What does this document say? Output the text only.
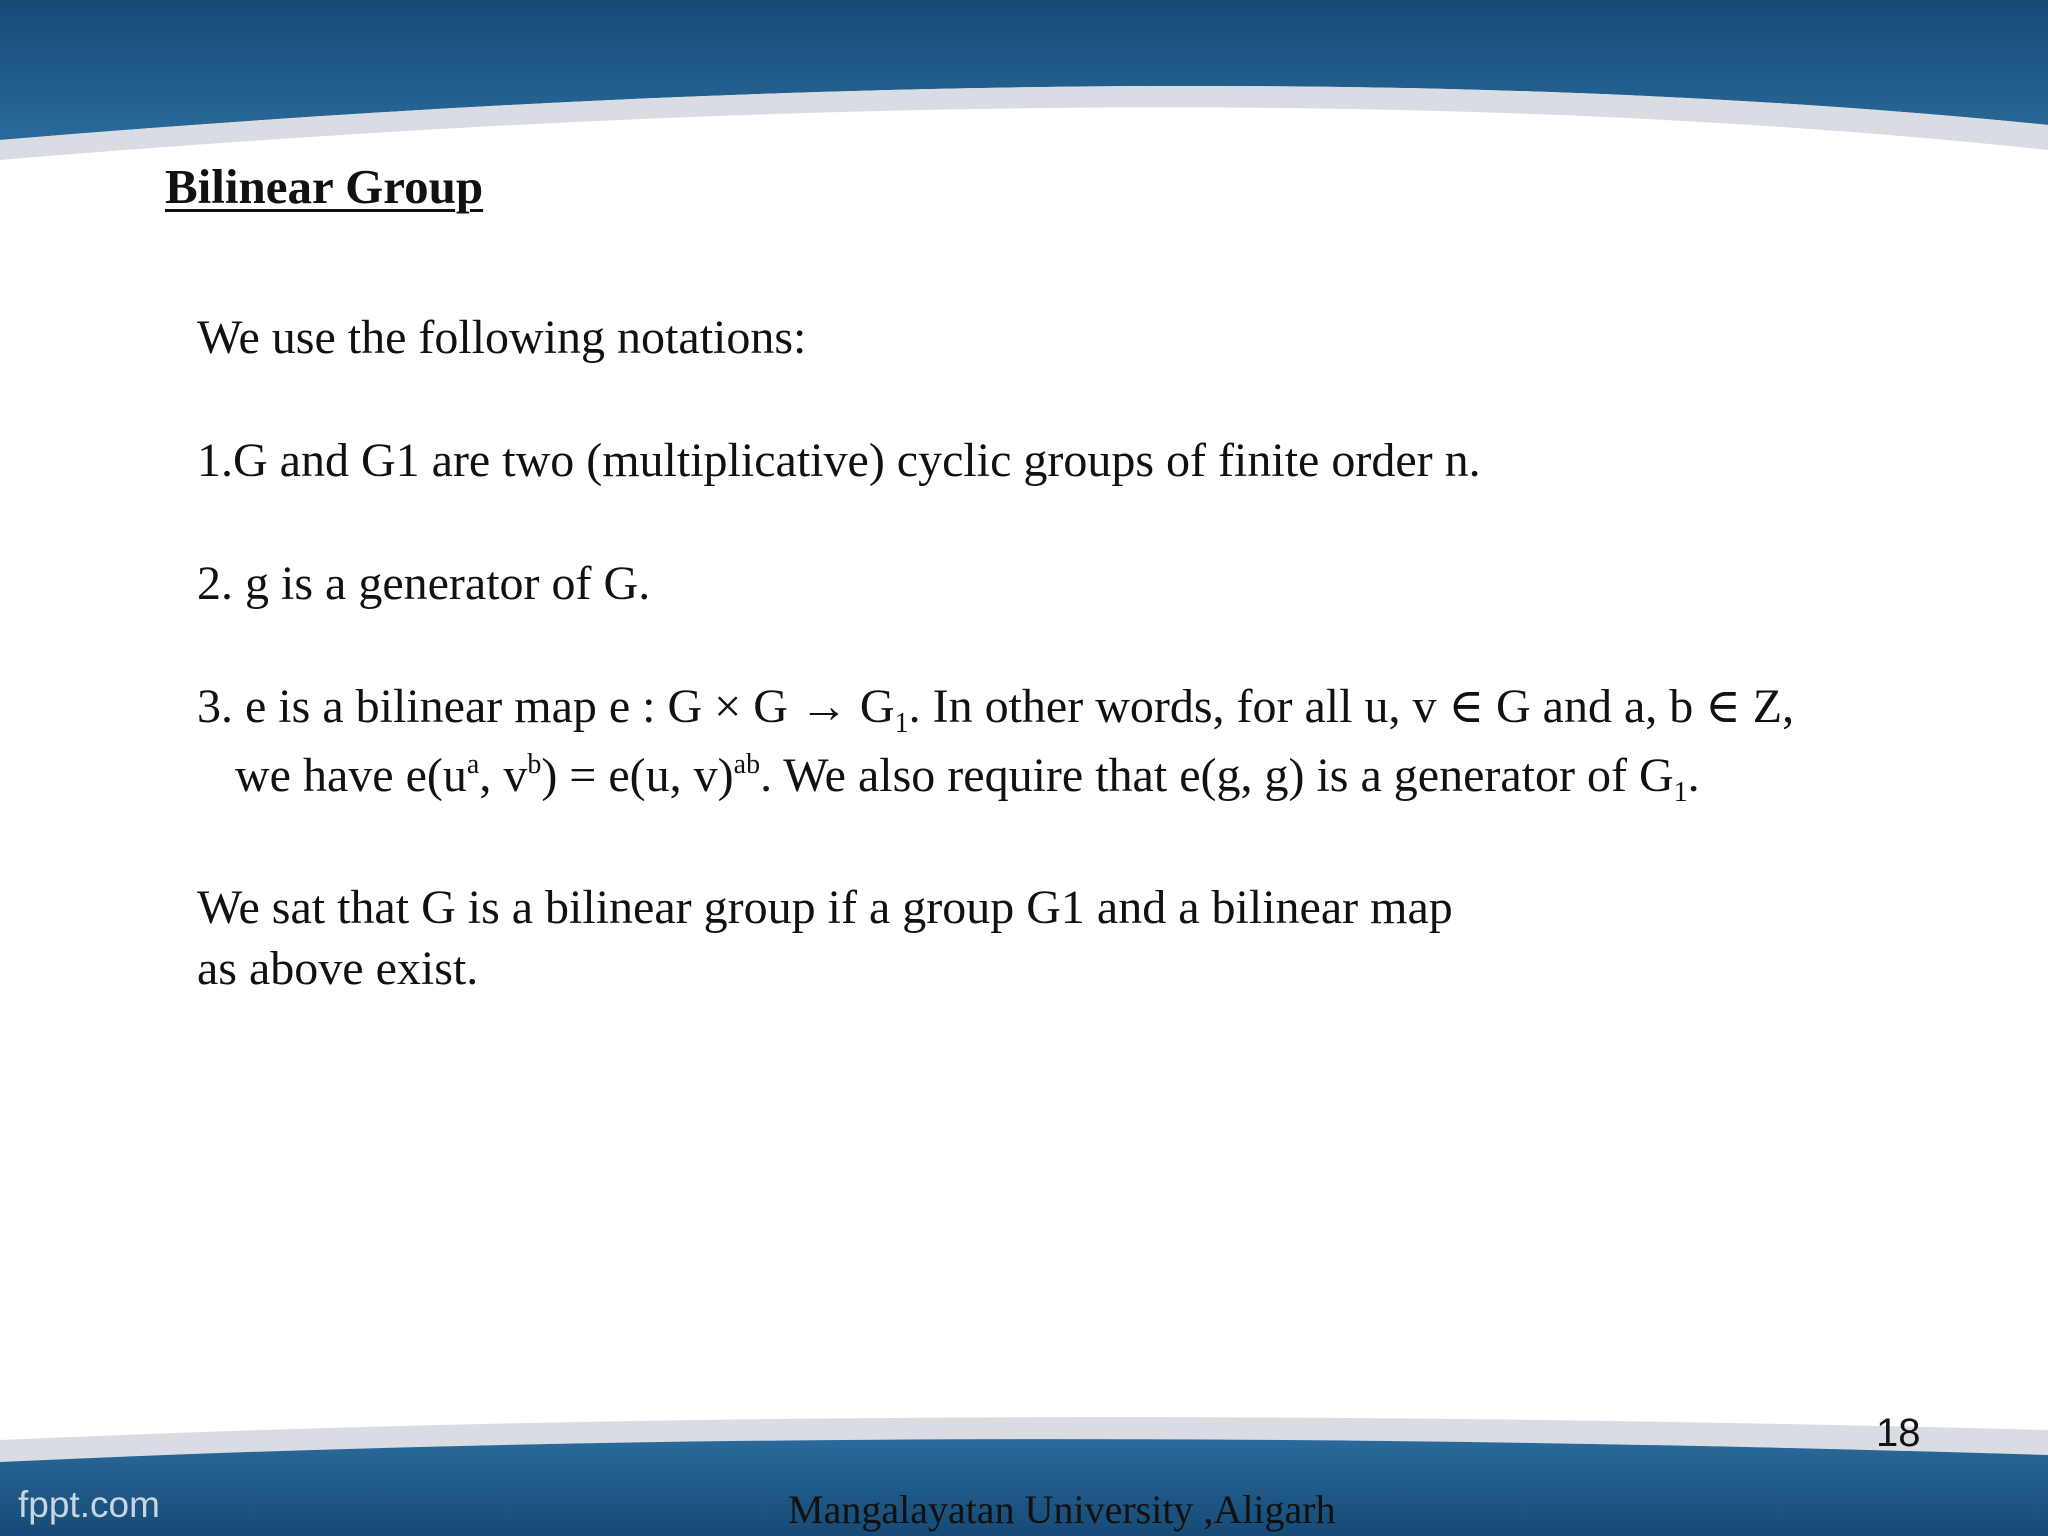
Bilinear Group
We use the following notations:
1.G and G1 are two (multiplicative) cyclic groups of finite order n.
2. g is a generator of G.
3. e is a bilinear map e : $G \times G \to G_1$. In other words, for all u, v ∈ G and a, b ∈ Z,
we have $e(u^a$, $v^b) = e(u$, v)$^{ab}$. We also require that e(g, g) is a generator of $G_1$.
We sat that G is a bilinear group if a group G1 and a bilinear map
as above exist.
18
fppt.com	Mangalayatan University ,Aligarh
